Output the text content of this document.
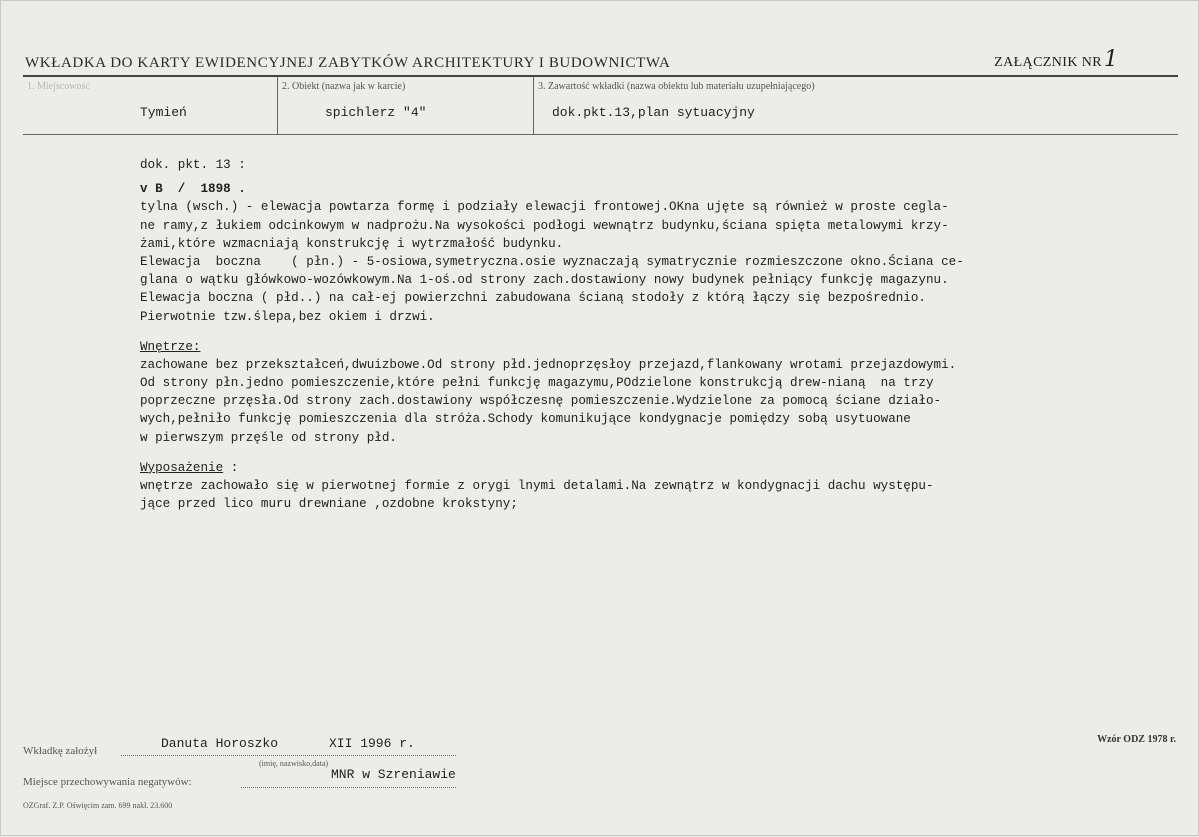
WKŁADKA DO KARTY EWIDENCYJNEJ ZABYTKÓW ARCHITEKTURY I BUDOWNICTWA	ZAŁĄCZNIK NR 1
1. Miejscowość
Tymień
2. Obiekt (nazwa jak w karcie)
spichlerz "4"
3. Zawartość wkładki (nazwa obiektu lub materiału uzupełniającego)
dok.pkt.13,plan sytuacyjny
dok. pkt. 13 :
v B  /  1898 .
tylna (wsch.) - elewacja powtarza formę i podziały elewacji frontowej.OKna ujęte są również w proste cegla-
ne ramy,z łukiem odcinkowym w nadprożu.Na wysokości podłogi wewnątrz budynku,ściana spięta metalowymi krzy-
żami,które wzmacniają konstrukcję i wytrzmałość budynku.
Elewacja  boczna    ( płn.) - 5-osiowa,symetryczna.osie wyznaczają symatrycznie rozmieszczone okno.Ściana ce-
glana o wątku główkowo-wozówkowym.Na 1-oś.od strony zach.dostawiony nowy budynek pełniący funkcję magazynu.
Elewacja boczna ( płd..) na cał-ej powierzchni zabudowana ścianą stodoły z którą łączy się bezpośrednio.
Pierwotnie tzw.ślepa,bez okiem i drzwi.
Wnętrze:
zachowane bez przekształceń,dwuizbowe.Od strony płd.jednoprzęsłoy przejazd,flankowany wrotami przejazdowymi.
Od strony płn.jedno pomieszczenie,które pełni funkcję magazymu,POdzielone konstrukcją drew-nianą  na trzy
poprzeczne przęsła.Od strony zach.dostawiony współczesnę pomieszczenie.Wydzielone za pomocą ściane działo-
wych,pełniło funkcję pomieszczenia dla stróża.Schody komunikujące kondygnacje pomiędzy sobą usytuowane
w pierwszym przęśle od strony płd.
Wyposażenie :
wnętrze zachowało się w pierwotnej formie z orygi lnymi detalami.Na zewnątrz w kondygnacji dachu występu-
jące przed lico muru drewniane ,ozdobne krokstyny;
Wkładkę założył	Danuta Horoszko	XII 1996 r.
(imię, nazwisko,data)
Miejsce przechowywania negatywów:	MNR w Szreniawie
OZGraf. Z.P. Oświęcim zam. 699 nakł. 23.600
Wzór ODZ 1978 r.
